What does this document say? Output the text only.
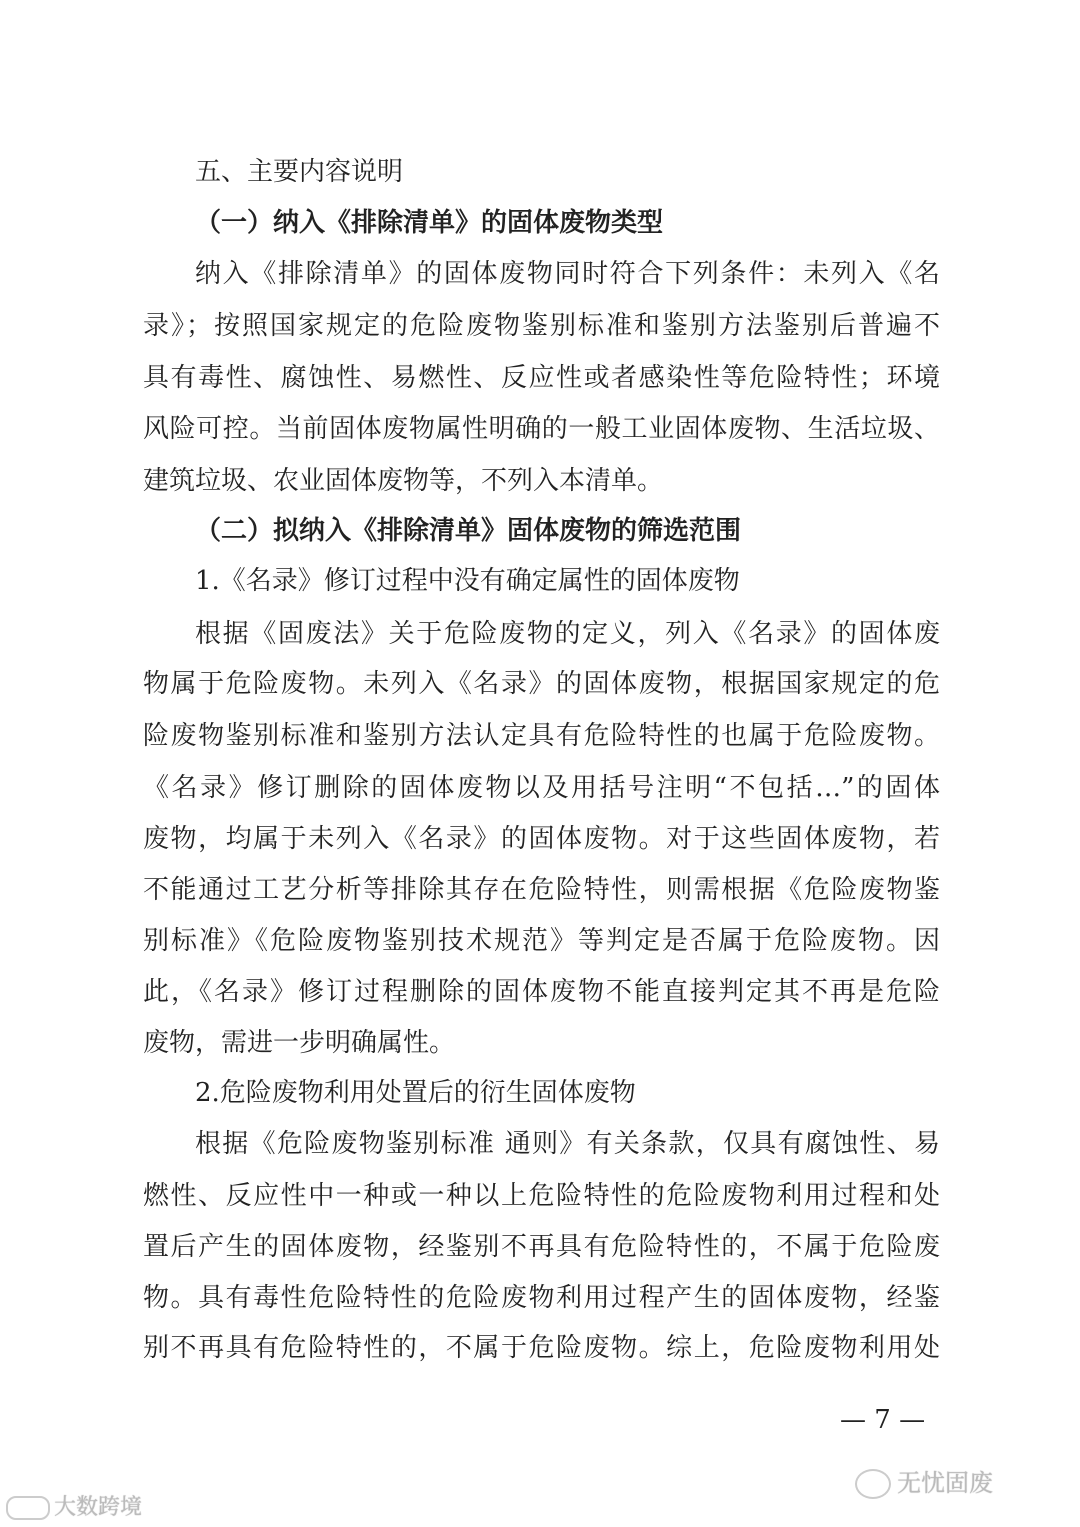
五、主要内容说明
（一）纳入《排除清单》的固体废物类型
纳入《排除清单》的固体废物同时符合下列条件：未列入《名
录》；按照国家规定的危险废物鉴别标准和鉴别方法鉴别后普遍不
具有毒性、腐蚀性、易燃性、反应性或者感染性等危险特性；环境
风险可控。当前固体废物属性明确的一般工业固体废物、生活垃圾、
建筑垃圾、农业固体废物等，不列入本清单。
（二）拟纳入《排除清单》固体废物的筛选范围
1.《名录》修订过程中没有确定属性的固体废物
根据《固废法》关于危险废物的定义，列入《名录》的固体废
物属于危险废物。未列入《名录》的固体废物，根据国家规定的危
险废物鉴别标准和鉴别方法认定具有危险特性的也属于危险废物。
《名录》修订删除的固体废物以及用括号注明“不包括…”的固体
废物，均属于未列入《名录》的固体废物。对于这些固体废物，若
不能通过工艺分析等排除其存在危险特性，则需根据《危险废物鉴
别标准》《危险废物鉴别技术规范》等判定是否属于危险废物。因
此，《名录》修订过程删除的固体废物不能直接判定其不再是危险
废物，需进一步明确属性。
2.危险废物利用处置后的衍生固体废物
根据《危险废物鉴别标准 通则》有关条款，仅具有腐蚀性、易
燃性、反应性中一种或一种以上危险特性的危险废物利用过程和处
置后产生的固体废物，经鉴别不再具有危险特性的，不属于危险废
物。具有毒性危险特性的危险废物利用过程产生的固体废物，经鉴
别不再具有危险特性的，不属于危险废物。综上，危险废物利用处
— 7 —
无忧固废
大数跨境
